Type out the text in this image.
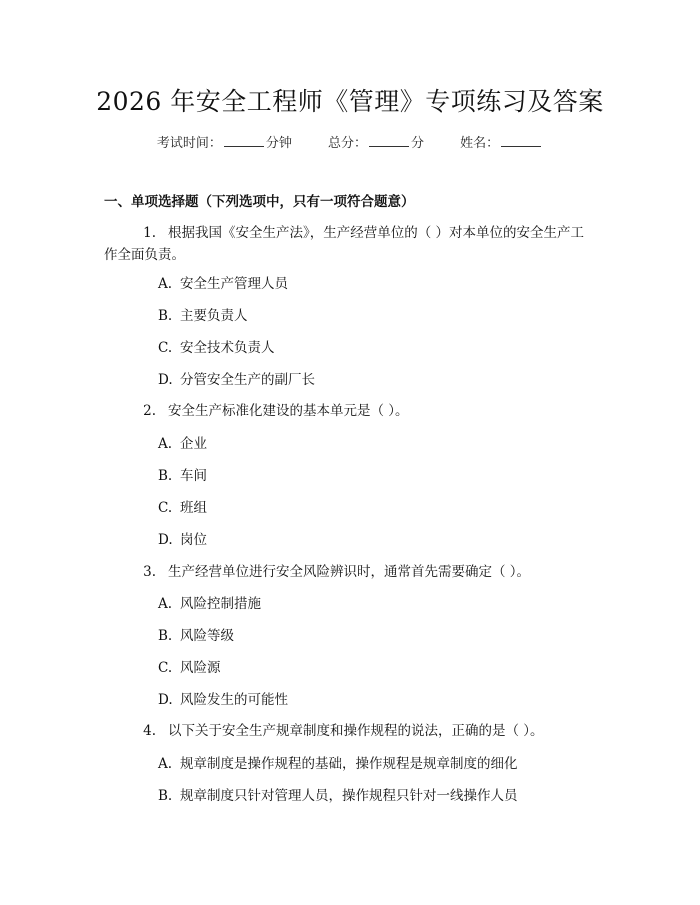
2026 年安全工程师《管理》专项练习及答案
考试时间：	分钟	总分：	分	姓名：
一、单项选择题（下列选项中，只有一项符合题意）
1. 根据我国《安全生产法》，生产经营单位的（ ）对本单位的安全生产工
作全面负责。
A. 安全生产管理人员
B. 主要负责人
C. 安全技术负责人
D. 分管安全生产的副厂长
2. 安全生产标准化建设的基本单元是（ ）。
A. 企业
B. 车间
C. 班组
D. 岗位
3. 生产经营单位进行安全风险辨识时，通常首先需要确定（ ）。
A. 风险控制措施
B. 风险等级
C. 风险源
D. 风险发生的可能性
4. 以下关于安全生产规章制度和操作规程的说法，正确的是（ ）。
A. 规章制度是操作规程的基础，操作规程是规章制度的细化
B. 规章制度只针对管理人员，操作规程只针对一线操作人员
